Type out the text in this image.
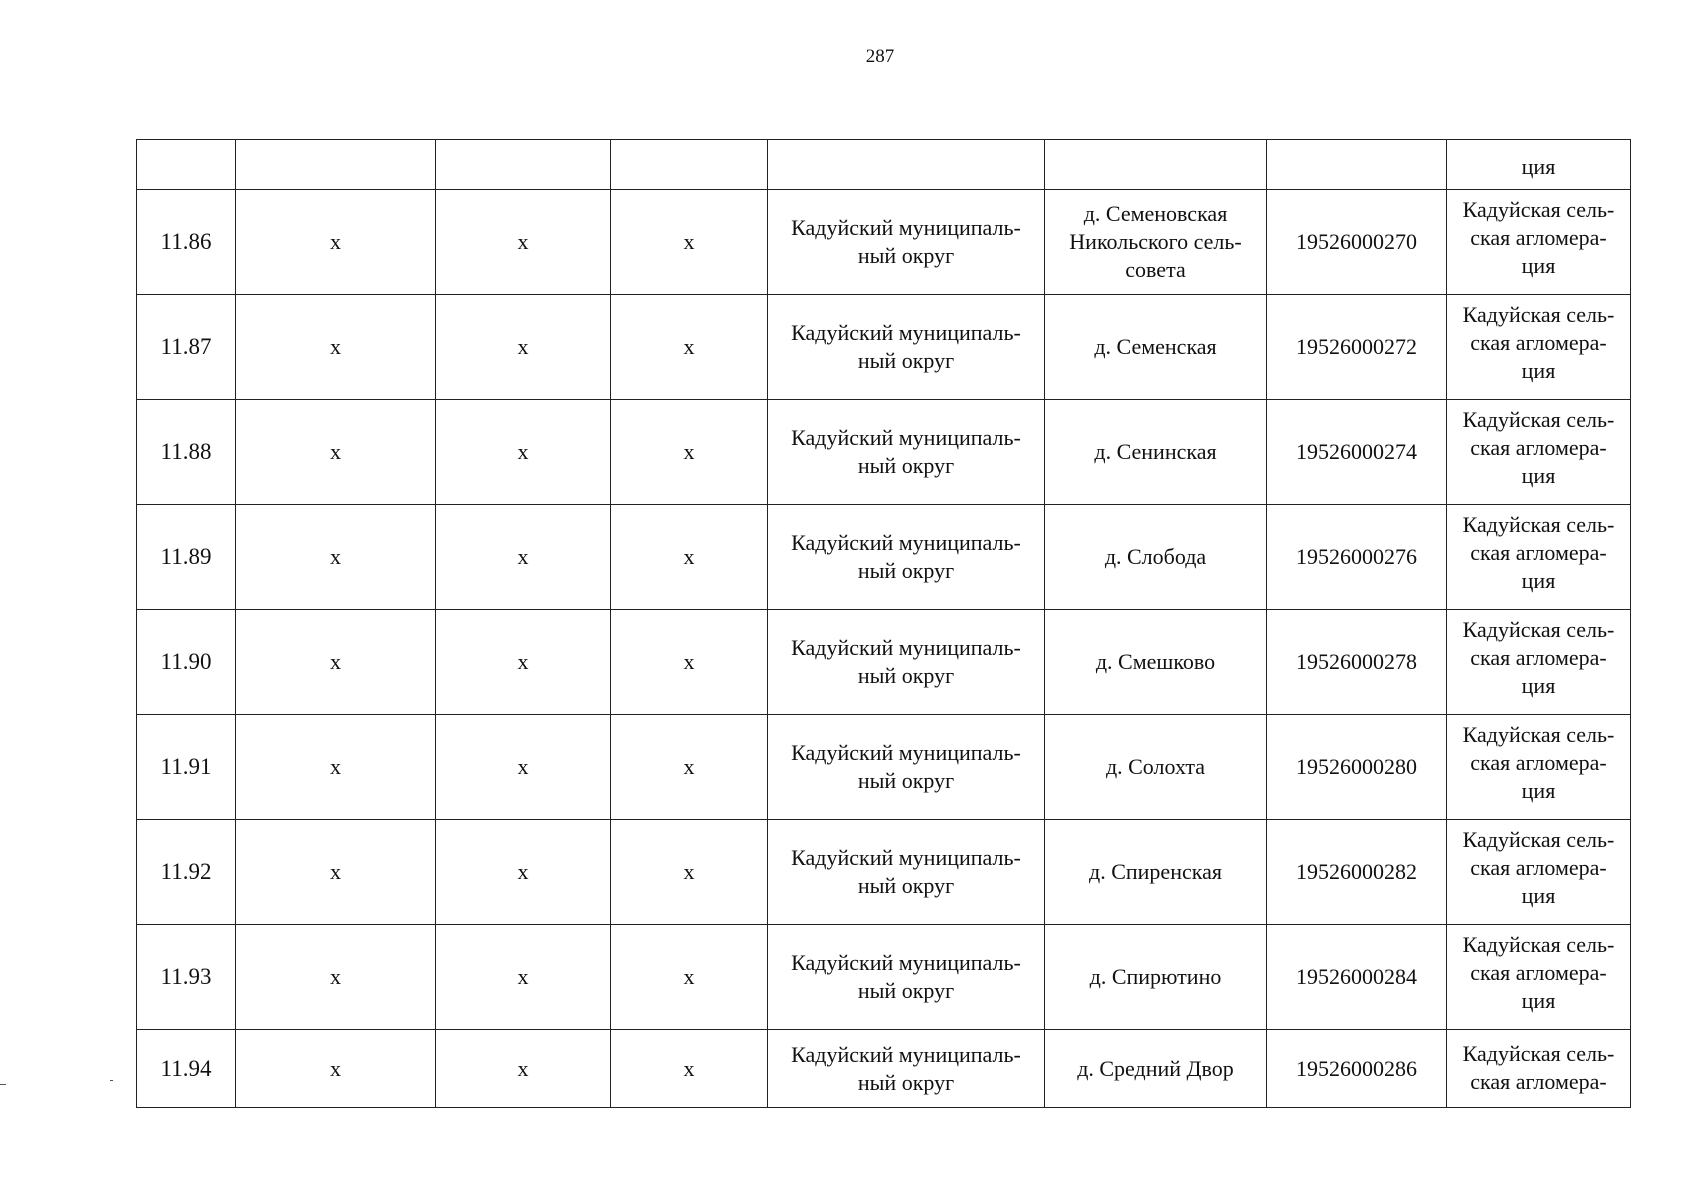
287
							ция
11.86	х	х	х	Кадуйский муниципаль-
ный округ	д. Семеновская
Никольского сель-
совета	19526000270	Кадуйская сель-
ская агломера-
ция

11.87	х	х	х	Кадуйский муниципаль-
ный округ	д. Семенская	19526000272	Кадуйская сель-
ская агломера-
ция

11.88	х	х	х	Кадуйский муниципаль-
ный округ	д. Сенинская	19526000274	Кадуйская сель-
ская агломера-
ция

11.89	х	х	х	Кадуйский муниципаль-
ный округ	д. Слобода	19526000276	Кадуйская сель-
ская агломера-
ция

11.90	х	х	х	Кадуйский муниципаль-
ный округ	д. Смешково	19526000278	Кадуйская сель-
ская агломера-
ция

11.91	х	х	х	Кадуйский муниципаль-
ный округ	д. Солохта	19526000280	Кадуйская сель-
ская агломера-
ция

11.92	х	х	х	Кадуйский муниципаль-
ный округ	д. Спиренская	19526000282	Кадуйская сель-
ская агломера-
ция

11.93	х	х	х	Кадуйский муниципаль-
ный округ	д. Спирютино	19526000284	Кадуйская сель-
ская агломера-
ция

11.94	х	х	х	Кадуйский муниципаль-
ный округ	д. Средний Двор	19526000286	Кадуйская сель-
ская агломера-
